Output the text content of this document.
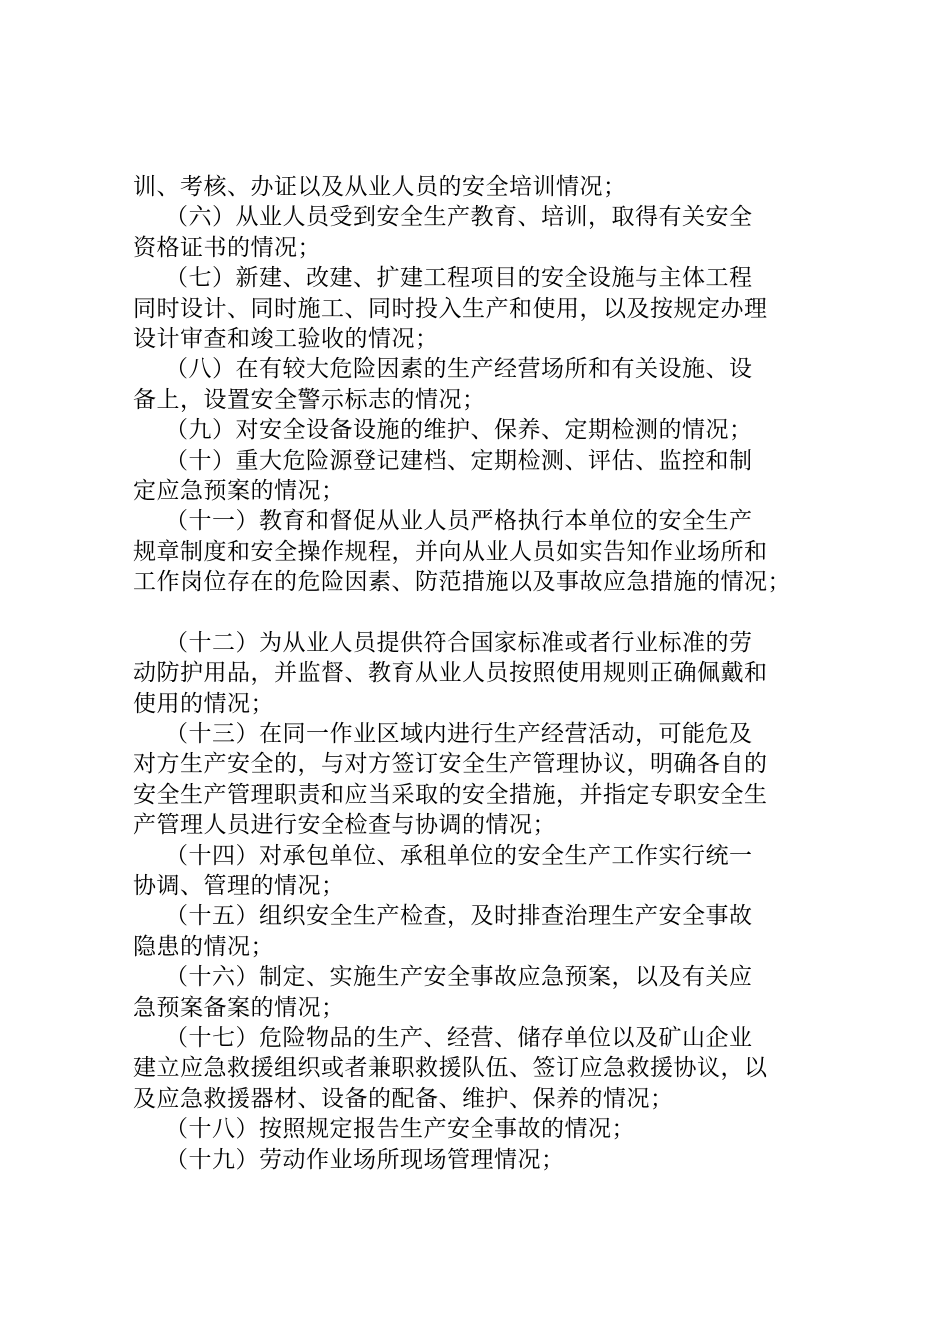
训、考核、办证以及从业人员的安全培训情况；
（六）从业人员受到安全生产教育、培训，取得有关安全
资格证书的情况；
（七）新建、改建、扩建工程项目的安全设施与主体工程
同时设计、同时施工、同时投入生产和使用，以及按规定办理
设计审查和竣工验收的情况；
（八）在有较大危险因素的生产经营场所和有关设施、设
备上，设置安全警示标志的情况；
（九）对安全设备设施的维护、保养、定期检测的情况；
（十）重大危险源登记建档、定期检测、评估、监控和制
定应急预案的情况；
（十一）教育和督促从业人员严格执行本单位的安全生产
规章制度和安全操作规程，并向从业人员如实告知作业场所和
工作岗位存在的危险因素、防范措施以及事故应急措施的情况；
（十二）为从业人员提供符合国家标准或者行业标准的劳
动防护用品，并监督、教育从业人员按照使用规则正确佩戴和
使用的情况；
（十三）在同一作业区域内进行生产经营活动，可能危及
对方生产安全的，与对方签订安全生产管理协议，明确各自的
安全生产管理职责和应当采取的安全措施，并指定专职安全生
产管理人员进行安全检查与协调的情况；
（十四）对承包单位、承租单位的安全生产工作实行统一
协调、管理的情况；
（十五）组织安全生产检查，及时排查治理生产安全事故
隐患的情况；
（十六）制定、实施生产安全事故应急预案，以及有关应
急预案备案的情况；
（十七）危险物品的生产、经营、储存单位以及矿山企业
建立应急救援组织或者兼职救援队伍、签订应急救援协议，以
及应急救援器材、设备的配备、维护、保养的情况；
（十八）按照规定报告生产安全事故的情况；
（十九）劳动作业场所现场管理情况；
